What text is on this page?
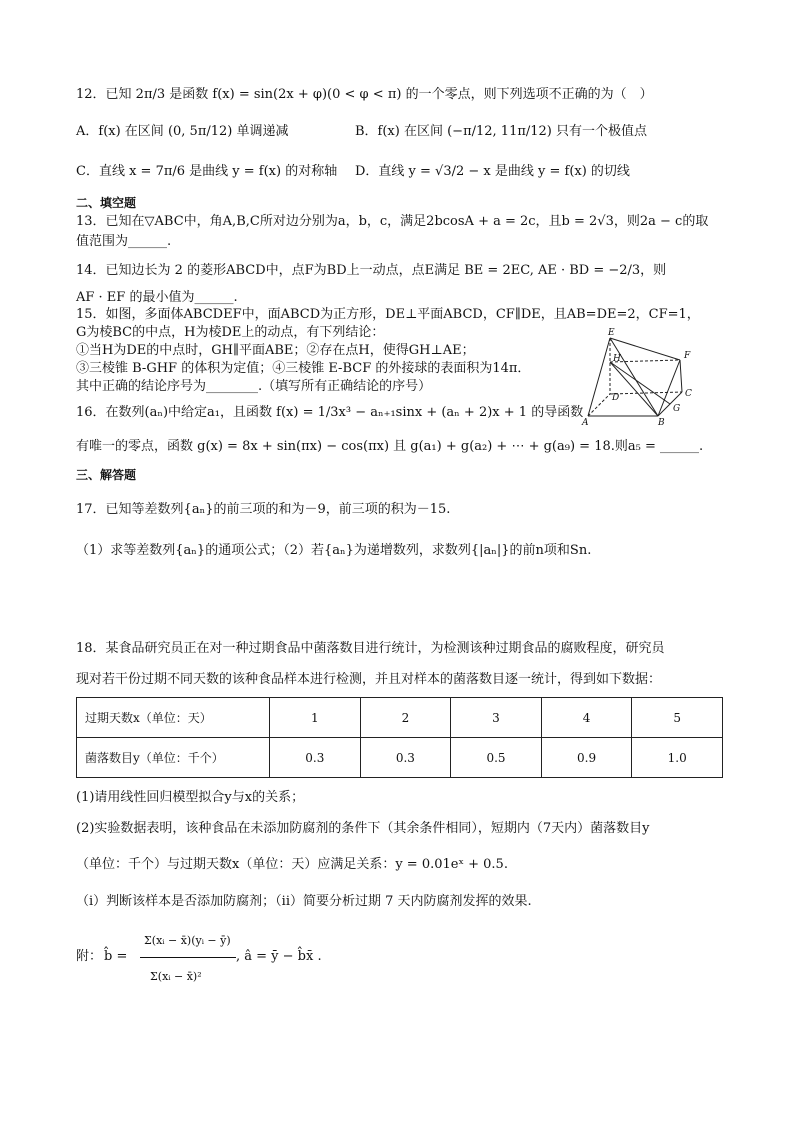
12．已知 2π/3 是函数 f(x) = sin(2x + φ)(0 < φ < π) 的一个零点，则下列选项不正确的为（　）
A．f(x) 在区间 (0, 5π/12) 单调递减	B．f(x) 在区间 (−π/12, 11π/12) 只有一个极值点
C．直线 x = 7π/6 是曲线 y = f(x) 的对称轴 D．直线 y = √3/2 − x 是曲线 y = f(x) 的切线
二、填空题
13．已知在▽ABC中，角A,B,C所对边分别为a，b，c，满足2bcosA + a = 2c，且b = 2√3，则2a − c的取
值范围为______.
14．已知边长为 2 的菱形ABCD中，点F为BD上一动点，点E满足 BE = 2EC, AE · BD = −2/3，则
AF · EF 的最小值为______.
15．如图，多面体ABCDEF中，面ABCD为正方形，DE⊥平面ABCD，CF∥DE，且AB=DE=2，CF=1，
G为棱BC的中点，H为棱DE上的动点，有下列结论：
①当H为DE的中点时，GH∥平面ABE；②存在点H，使得GH⊥AE；
③三棱锥 B-GHF 的体积为定值；④三棱锥 E-BCF 的外接球的表面积为14π．
其中正确的结论序号为________.（填写所有正确结论的序号）
E
H	F
D	C
G
A	B
16．在数列(aₙ)中给定a₁，且函数 f(x) = 1/3x³ − aₙ₊₁sinx + (aₙ + 2)x + 1 的导函数
有唯一的零点，函数 g(x) = 8x + sin(πx) − cos(πx) 且 g(a₁) + g(a₂) + ⋯ + g(a₉) = 18.则a₅ = ______.
三、解答题
17．已知等差数列{aₙ}的前三项的和为－9，前三项的积为－15.
（1）求等差数列{aₙ}的通项公式；（2）若{aₙ}为递增数列，求数列{|aₙ|}的前n项和Sn.
18．某食品研究员正在对一种过期食品中菌落数目进行统计，为检测该种过期食品的腐败程度，研究员
现对若干份过期不同天数的该种食品样本进行检测，并且对样本的菌落数目逐一统计，得到如下数据：
过期天数x（单位：天）	1	2	3	4	5
菌落数目y（单位：千个）	0.3	0.3	0.5	0.9	1.0
(1)请用线性回归模型拟合y与x的关系；
(2)实验数据表明，该种食品在未添加防腐剂的条件下（其余条件相同），短期内（7天内）菌落数目y
（单位：千个）与过期天数x（单位：天）应满足关系：y = 0.01eˣ + 0.5.
（i）判断该样本是否添加防腐剂；（ii）简要分析过期 7 天内防腐剂发挥的效果.
附： b̂ =
Σ(xᵢ − x̄)(yᵢ − ȳ)
Σ(xᵢ − x̄)²
, â = ȳ − b̂x̄ .
